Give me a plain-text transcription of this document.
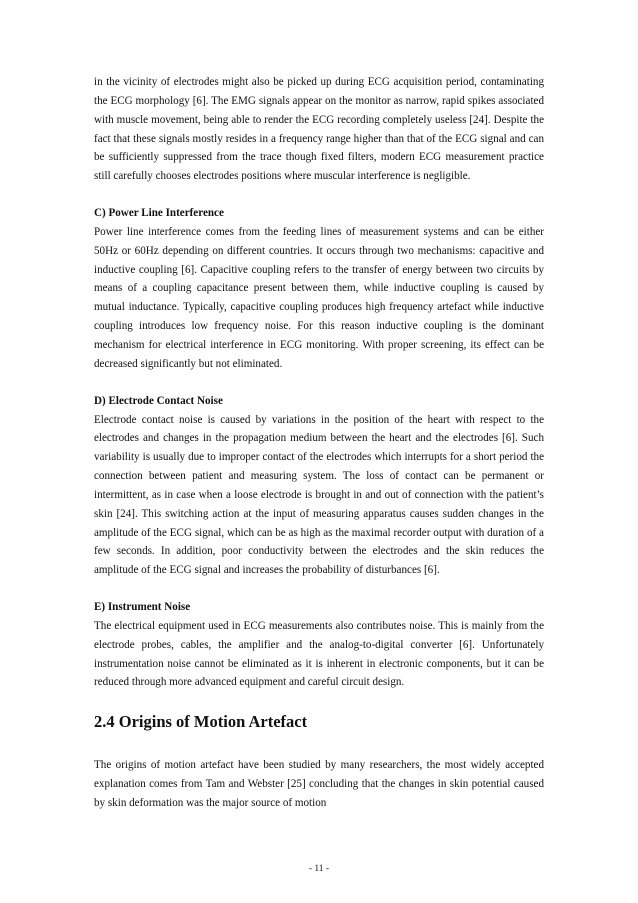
in the vicinity of electrodes might also be picked up during ECG acquisition period, contaminating the ECG morphology [6]. The EMG signals appear on the monitor as narrow, rapid spikes associated with muscle movement, being able to render the ECG recording completely useless [24]. Despite the fact that these signals mostly resides in a frequency range higher than that of the ECG signal and can be sufficiently suppressed from the trace though fixed filters, modern ECG measurement practice still carefully chooses electrodes positions where muscular interference is negligible.

C) Power Line Interference

Power line interference comes from the feeding lines of measurement systems and can be either 50Hz or 60Hz depending on different countries. It occurs through two mechanisms: capacitive and inductive coupling [6]. Capacitive coupling refers to the transfer of energy between two circuits by means of a coupling capacitance present between them, while inductive coupling is caused by mutual inductance. Typically, capacitive coupling produces high frequency artefact while inductive coupling introduces low frequency noise. For this reason inductive coupling is the dominant mechanism for electrical interference in ECG monitoring. With proper screening, its effect can be decreased significantly but not eliminated.

D) Electrode Contact Noise

Electrode contact noise is caused by variations in the position of the heart with respect to the electrodes and changes in the propagation medium between the heart and the electrodes [6]. Such variability is usually due to improper contact of the electrodes which interrupts for a short period the connection between patient and measuring system. The loss of contact can be permanent or intermittent, as in case when a loose electrode is brought in and out of connection with the patient’s skin [24]. This switching action at the input of measuring apparatus causes sudden changes in the amplitude of the ECG signal, which can be as high as the maximal recorder output with duration of a few seconds. In addition, poor conductivity between the electrodes and the skin reduces the amplitude of the ECG signal and increases the probability of disturbances [6].

E) Instrument Noise

The electrical equipment used in ECG measurements also contributes noise. This is mainly from the electrode probes, cables, the amplifier and the analog-to-digital converter [6]. Unfortunately instrumentation noise cannot be eliminated as it is inherent in electronic components, but it can be reduced through more advanced equipment and careful circuit design.

2.4 Origins of Motion Artefact

The origins of motion artefact have been studied by many researchers, the most widely accepted explanation comes from Tam and Webster [25] concluding that the changes in skin potential caused by skin deformation was the major source of motion

- 11 -
